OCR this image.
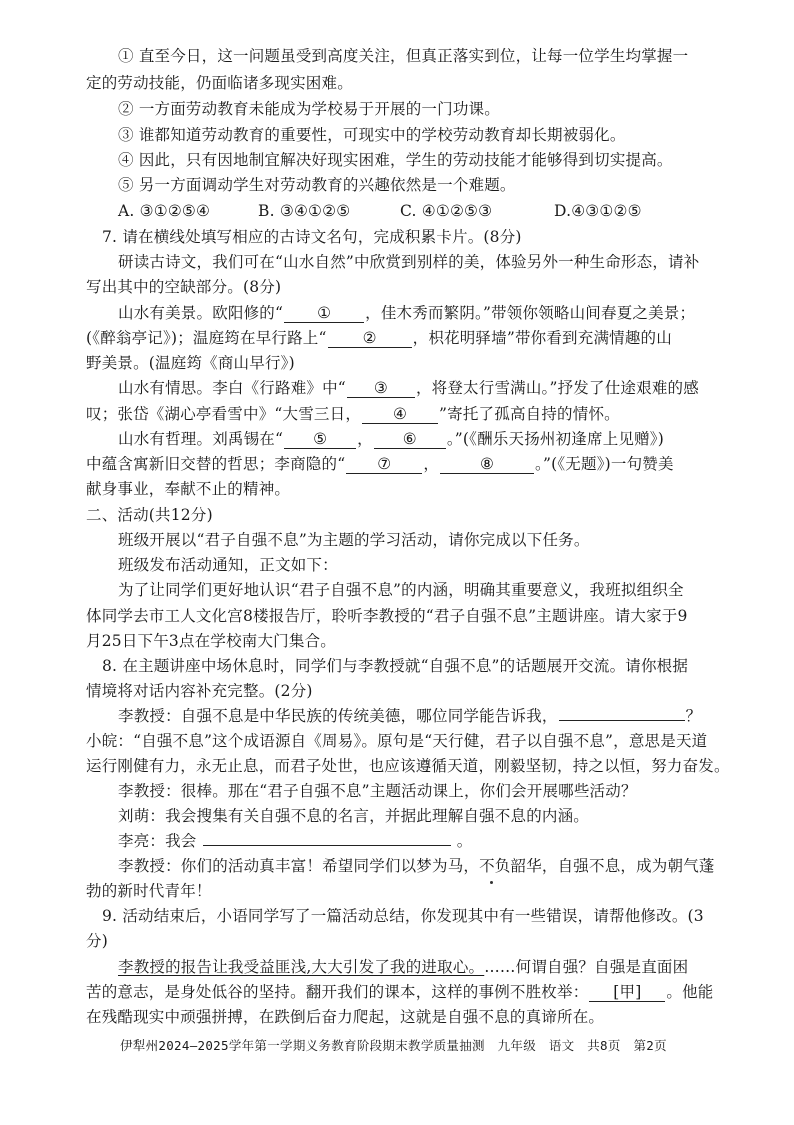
① 直至今日，这一问题虽受到高度关注，但真正落实到位，让每一位学生均掌握一
定的劳动技能，仍面临诸多现实困难。
② 一方面劳动教育未能成为学校易于开展的一门功课。
③ 谁都知道劳动教育的重要性，可现实中的学校劳动教育却长期被弱化。
④ 因此，只有因地制宜解决好现实困难，学生的劳动技能才能够得到切实提高。
⑤ 另一方面调动学生对劳动教育的兴趣依然是一个难题。
A. ③①②⑤④	B. ③④①②⑤	C. ④①②⑤③	D.④③①②⑤
7. 请在横线处填写相应的古诗文名句，完成积累卡片。(8分)
研读古诗文，我们可在“山水自然”中欣赏到别样的美，体验另外一种生命形态，请补
写出其中的空缺部分。(8分)
山水有美景。欧阳修的“ ① ，佳木秀而繁阴。”带领你领略山间春夏之美景；
(《醉翁亭记》)；温庭筠在早行路上“ ② ，枳花明驿墙”带你看到充满情趣的山
野美景。(温庭筠《商山早行》)
山水有情思。李白《行路难》中“ ③ ，将登太行雪满山。”抒发了仕途艰难的感
叹；张岱《湖心亭看雪中》“大雪三日， ④ ”寄托了孤高自持的情怀。
山水有哲理。刘禹锡在“ ⑤ ， ⑥ 。”(《酬乐天扬州初逢席上见赠》)
中蕴含寓新旧交替的哲思；李商隐的“ ⑦ ，	⑧	。”(《无题》)一句赞美
献身事业，奉献不止的精神。
二、活动(共12分)
班级开展以“君子自强不息”为主题的学习活动，请你完成以下任务。
班级发布活动通知，正文如下：
为了让同学们更好地认识“君子自强不息”的内涵，明确其重要意义，我班拟组织全
体同学去市工人文化宫8楼报告厅，聆听李教授的“君子自强不息”主题讲座。请大家于9
月25日下午3点在学校南大门集合。
8. 在主题讲座中场休息时，同学们与李教授就“自强不息”的话题展开交流。请你根据
情境将对话内容补充完整。(2分)
李教授：自强不息是中华民族的传统美德，哪位同学能告诉我，	？
小皖：“自强不息”这个成语源自《周易》。原句是“天行健，君子以自强不息”，意思是天道
运行刚健有力，永无止息，而君子处世，也应该遵循天道，刚毅坚韧，持之以恒，努力奋发。
李教授：很棒。那在“君子自强不息”主题活动课上，你们会开展哪些活动？
刘萌：我会搜集有关自强不息的名言，并据此理解自强不息的内涵。
李亮：我会	。
李教授：你们的活动真丰富！希望同学们以梦为马，不负韶华，自强不息，成为朝气蓬
勃的新时代青年！
9. 活动结束后，小语同学写了一篇活动总结，你发现其中有一些错误，请帮他修改。(3
分)
李教授的报告让我受益匪浅,大大引发了我的进取心。……何谓自强？自强是直面困
苦的意志，是身处低谷的坚持。翻开我们的课本，这样的事例不胜枚举： [甲] 。他能
在残酷现实中顽强拼搏，在跌倒后奋力爬起，这就是自强不息的真谛所在。
伊犁州2024—2025学年第一学期义务教育阶段期末教学质量抽测　九年级　语文　共8页　第2页
